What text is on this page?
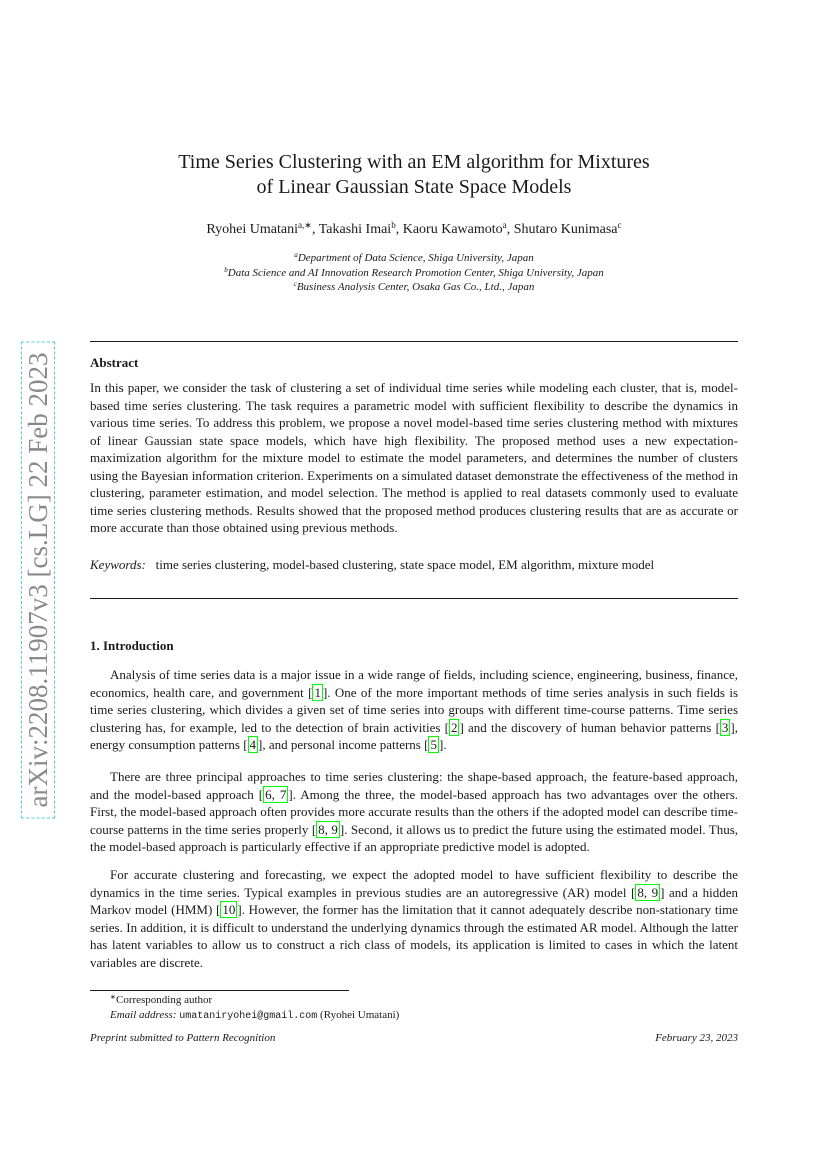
arXiv:2208.11907v3 [cs.LG] 22 Feb 2023
Time Series Clustering with an EM algorithm for Mixtures
of Linear Gaussian State Space Models
Ryohei Umatani$^{a,∗}$, Takashi Imai$^b$, Kaoru Kawamoto$^a$, Shutaro Kunimasa$^c$
$^a$Department of Data Science, Shiga University, Japan
$^b$Data Science and AI Innovation Research Promotion Center, Shiga University, Japan
$^c$Business Analysis Center, Osaka Gas Co., Ltd., Japan
Abstract
In this paper, we consider the task of clustering a set of individual time series while modeling each cluster, that is, model-based time series clustering. The task requires a parametric model with sufficient flexibility to describe the dynamics in various time series. To address this problem, we propose a novel model-based time series clustering method with mixtures of linear Gaussian state space models, which have high flexibility. The proposed method uses a new expectation-maximization algorithm for the mixture model to estimate the model parameters, and determines the number of clusters using the Bayesian information criterion. Experiments on a simulated dataset demonstrate the effectiveness of the method in clustering, parameter estimation, and model selection. The method is applied to real datasets commonly used to evaluate time series clustering methods. Results showed that the proposed method produces clustering results that are as accurate or more accurate than those obtained using previous methods.
Keywords: time series clustering, model-based clustering, state space model, EM algorithm, mixture model
1. Introduction
Analysis of time series data is a major issue in a wide range of fields, including science, engineering, business, finance, economics, health care, and government [ 1 ]. One of the more important methods of time series analysis in such fields is time series clustering, which divides a given set of time series into groups with different time-course patterns. Time series clustering has, for example, led to the detection of brain activities [ 2 ] and the discovery of human behavior patterns [ 3 ], energy consumption patterns [ 4 ], and personal income patterns [ 5 ].
There are three principal approaches to time series clustering: the shape-based approach, the feature-based approach, and the model-based approach [ 6, 7 ]. Among the three, the model-based approach has two advantages over the others. First, the model-based approach often provides more accurate results than the others if the adopted model can describe time-course patterns in the time series properly [ 8, 9 ]. Second, it allows us to predict the future using the estimated model. Thus, the model-based approach is particularly effective if an appropriate predictive model is adopted.
For accurate clustering and forecasting, we expect the adopted model to have sufficient flexibility to describe the dynamics in the time series. Typical examples in previous studies are an autoregressive (AR) model [ 8, 9 ] and a hidden Markov model (HMM) [ 10 ]. However, the former has the limitation that it cannot adequately describe non-stationary time series. In addition, it is difficult to understand the underlying dynamics through the estimated AR model. Although the latter has latent variables to allow us to construct a rich class of models, its application is limited to cases in which the latent variables are discrete.
∗Corresponding author
Email address: umataniryohei@gmail.com (Ryohei Umatani)
Preprint submitted to Pattern Recognition	February 23, 2023
